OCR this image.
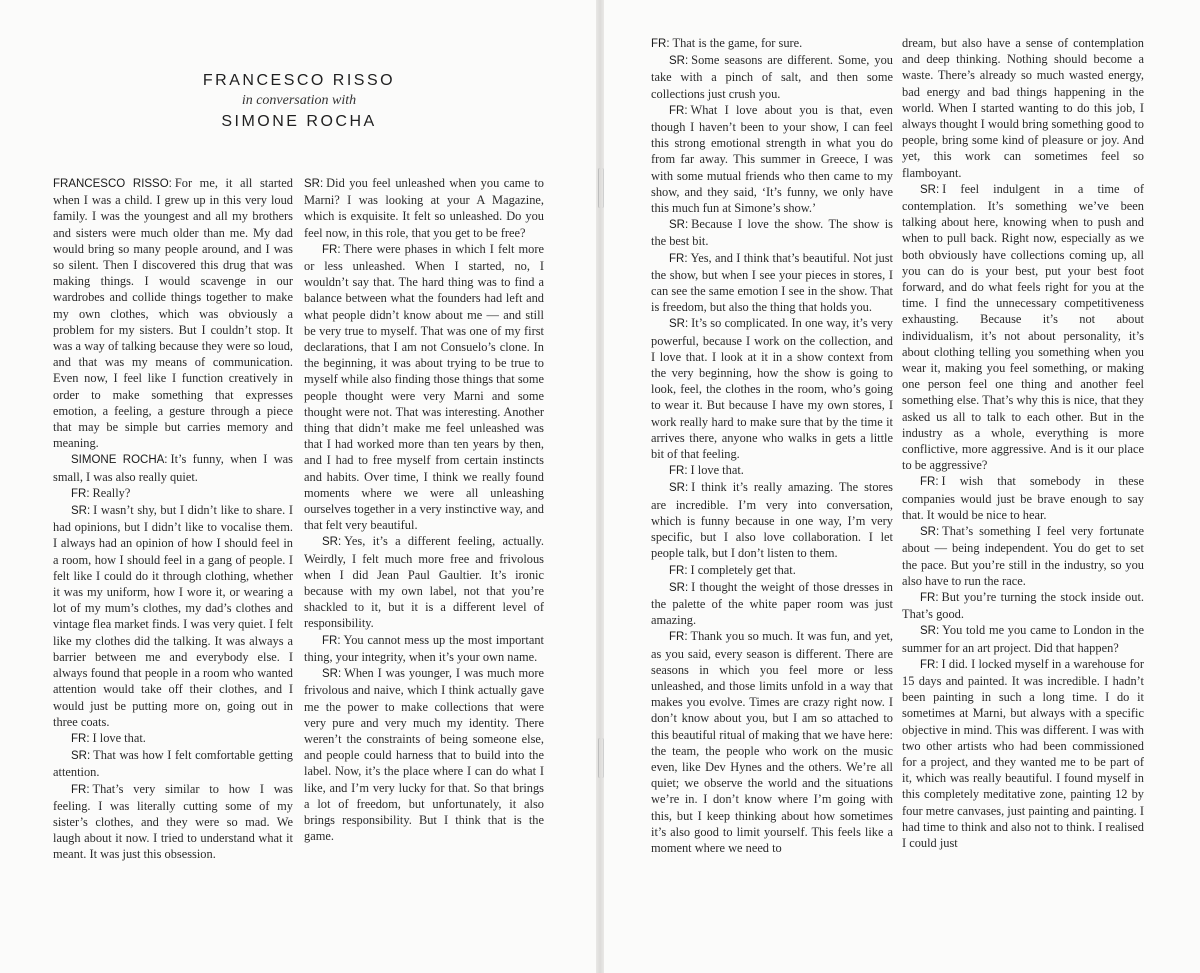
FRANCESCO RISSO
in conversation with
SIMONE ROCHA

FRANCESCO RISSO: For me, it all started when I was a child. I grew up in this very loud family. I was the youngest and all my brothers and sisters were much older than me. My dad would bring so many people around, and I was so silent. Then I discovered this drug that was making things. I would scavenge in our wardrobes and collide things together to make my own clothes, which was obviously a problem for my sisters. But I couldn’t stop. It was a way of talking because they were so loud, and that was my means of communication. Even now, I feel like I function creatively in order to make something that expresses emotion, a feeling, a gesture through a piece that may be simple but carries memory and meaning.

SIMONE ROCHA: It’s funny, when I was small, I was also really quiet.

FR: Really?

SR: I wasn’t shy, but I didn’t like to share. I had opinions, but I didn’t like to vocalise them. I always had an opinion of how I should feel in a room, how I should feel in a gang of people. I felt like I could do it through clothing, whether it was my uniform, how I wore it, or wearing a lot of my mum’s clothes, my dad’s clothes and vintage flea market finds. I was very quiet. I felt like my clothes did the talking. It was always a barrier between me and everybody else. I always found that people in a room who wanted attention would take off their clothes, and I would just be putting more on, going out in three coats.

FR: I love that.

SR: That was how I felt comfortable getting attention.

FR: That’s very similar to how I was feeling. I was literally cutting some of my sister’s clothes, and they were so mad. We laugh about it now. I tried to understand what it meant. It was just this obsession.

SR: Did you feel unleashed when you came to Marni? I was looking at your A Magazine, which is exquisite. It felt so unleashed. Do you feel now, in this role, that you get to be free?

FR: There were phases in which I felt more or less unleashed. When I started, no, I wouldn’t say that. The hard thing was to find a balance between what the founders had left and what people didn’t know about me — and still be very true to myself. That was one of my first declarations, that I am not Consuelo’s clone. In the beginning, it was about trying to be true to myself while also finding those things that some people thought were very Marni and some thought were not. That was interesting. Another thing that didn’t make me feel unleashed was that I had worked more than ten years by then, and I had to free myself from certain instincts and habits. Over time, I think we really found moments where we were all unleashing ourselves together in a very instinctive way, and that felt very beautiful.

SR: Yes, it’s a different feeling, actually. Weirdly, I felt much more free and frivolous when I did Jean Paul Gaultier. It’s ironic because with my own label, not that you’re shackled to it, but it is a different level of responsibility.

FR: You cannot mess up the most important thing, your integrity, when it’s your own name.

SR: When I was younger, I was much more frivolous and naive, which I think actually gave me the power to make collections that were very pure and very much my identity. There weren’t the constraints of being someone else, and people could harness that to build into the label. Now, it’s the place where I can do what I like, and I’m very lucky for that. So that brings a lot of freedom, but unfortunately, it also brings responsibility. But I think that is the game.

FR: That is the game, for sure.

SR: Some seasons are different. Some, you take with a pinch of salt, and then some collections just crush you.

FR: What I love about you is that, even though I haven’t been to your show, I can feel this strong emotional strength in what you do from far away. This summer in Greece, I was with some mutual friends who then came to my show, and they said, ‘It’s funny, we only have this much fun at Simone’s show.’

SR: Because I love the show. The show is the best bit.

FR: Yes, and I think that’s beautiful. Not just the show, but when I see your pieces in stores, I can see the same emotion I see in the show. That is freedom, but also the thing that holds you.

SR: It’s so complicated. In one way, it’s very powerful, because I work on the collection, and I love that. I look at it in a show context from the very beginning, how the show is going to look, feel, the clothes in the room, who’s going to wear it. But because I have my own stores, I work really hard to make sure that by the time it arrives there, anyone who walks in gets a little bit of that feeling.

FR: I love that.

SR: I think it’s really amazing. The stores are incredible. I’m very into conversation, which is funny because in one way, I’m very specific, but I also love collaboration. I let people talk, but I don’t listen to them.

FR: I completely get that.

SR: I thought the weight of those dresses in the palette of the white paper room was just amazing.

FR: Thank you so much. It was fun, and yet, as you said, every season is different. There are seasons in which you feel more or less unleashed, and those limits unfold in a way that makes you evolve. Times are crazy right now. I don’t know about you, but I am so attached to this beautiful ritual of making that we have here: the team, the people who work on the music even, like Dev Hynes and the others. We’re all quiet; we observe the world and the situations we’re in. I don’t know where I’m going with this, but I keep thinking about how sometimes it’s also good to limit yourself. This feels like a moment where we need to

dream, but also have a sense of contemplation and deep thinking. Nothing should become a waste. There’s already so much wasted energy, bad energy and bad things happening in the world. When I started wanting to do this job, I always thought I would bring something good to people, bring some kind of pleasure or joy. And yet, this work can sometimes feel so flamboyant.

SR: I feel indulgent in a time of contemplation. It’s something we’ve been talking about here, knowing when to push and when to pull back. Right now, especially as we both obviously have collections coming up, all you can do is your best, put your best foot forward, and do what feels right for you at the time. I find the unnecessary competitiveness exhausting. Because it’s not about individualism, it’s not about personality, it’s about clothing telling you something when you wear it, making you feel something, or making one person feel one thing and another feel something else. That’s why this is nice, that they asked us all to talk to each other. But in the industry as a whole, everything is more conflictive, more aggressive. And is it our place to be aggressive?

FR: I wish that somebody in these companies would just be brave enough to say that. It would be nice to hear.

SR: That’s something I feel very fortunate about — being independent. You do get to set the pace. But you’re still in the industry, so you also have to run the race.

FR: But you’re turning the stock inside out. That’s good.

SR: You told me you came to London in the summer for an art project. Did that happen?

FR: I did. I locked myself in a warehouse for 15 days and painted. It was incredible. I hadn’t been painting in such a long time. I do it sometimes at Marni, but always with a specific objective in mind. This was different. I was with two other artists who had been commissioned for a project, and they wanted me to be part of it, which was really beautiful. I found myself in this completely meditative zone, painting 12 by four metre canvases, just painting and painting. I had time to think and also not to think. I realised I could just
